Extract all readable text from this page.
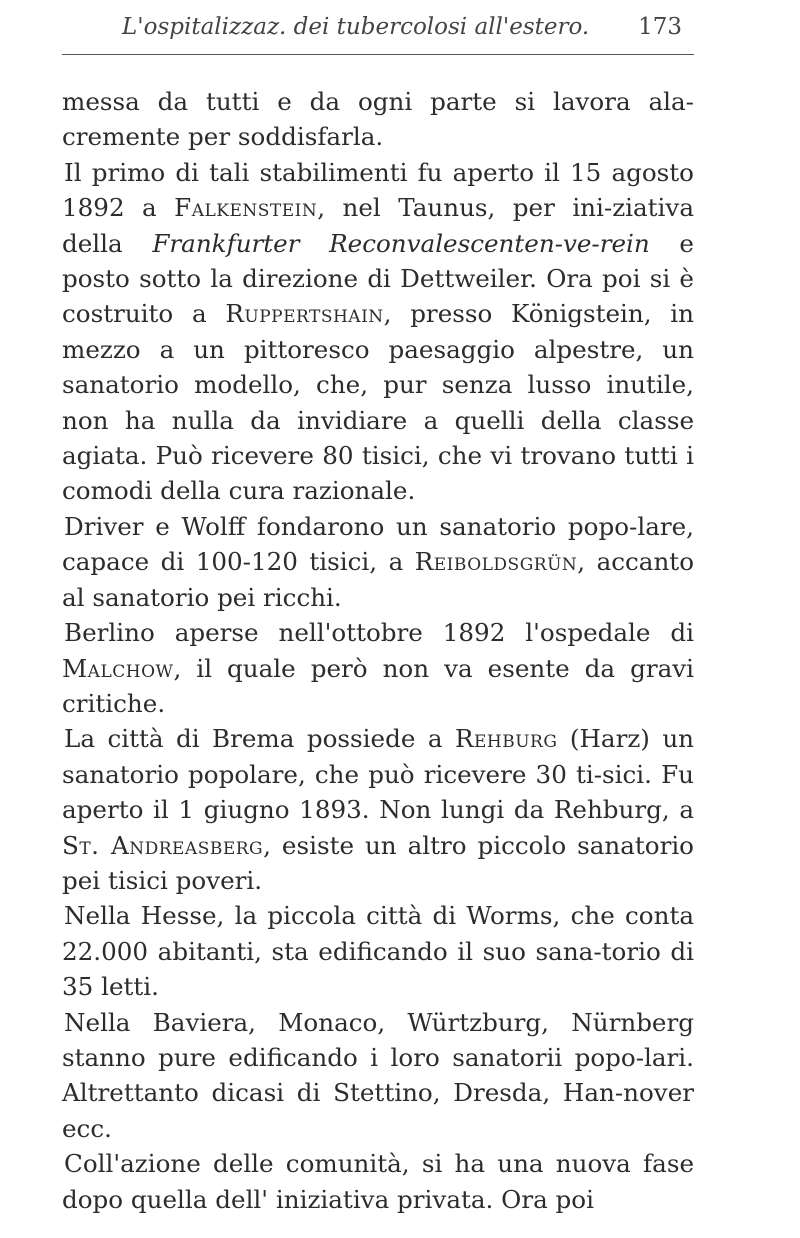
L'ospitalizzaz. dei tubercolosi all'estero. 173

messa da tutti e da ogni parte si lavora ala-cremente per soddisfarla.

Il primo di tali stabilimenti fu aperto il 15 agosto 1892 a Falkenstein, nel Taunus, per ini-ziativa della Frankfurter Reconvalescenten-ve-rein e posto sotto la direzione di Dettweiler. Ora poi si è costruito a Ruppertshain, presso Königstein, in mezzo a un pittoresco paesaggio alpestre, un sanatorio modello, che, pur senza lusso inutile, non ha nulla da invidiare a quelli della classe agiata. Può ricevere 80 tisici, che vi trovano tutti i comodi della cura razionale.

Driver e Wolff fondarono un sanatorio popo-lare, capace di 100-120 tisici, a Reiboldsgrün, accanto al sanatorio pei ricchi.

Berlino aperse nell'ottobre 1892 l'ospedale di Malchow, il quale però non va esente da gravi critiche.

La città di Brema possiede a Rehburg (Harz) un sanatorio popolare, che può ricevere 30 ti-sici. Fu aperto il 1 giugno 1893. Non lungi da Rehburg, a St. Andreasberg, esiste un altro piccolo sanatorio pei tisici poveri.

Nella Hesse, la piccola città di Worms, che conta 22.000 abitanti, sta edificando il suo sana-torio di 35 letti.

Nella Baviera, Monaco, Würtzburg, Nürnberg stanno pure edificando i loro sanatorii popo-lari. Altrettanto dicasi di Stettino, Dresda, Han-nover ecc.

Coll'azione delle comunità, si ha una nuova fase dopo quella dell' iniziativa privata. Ora poi
